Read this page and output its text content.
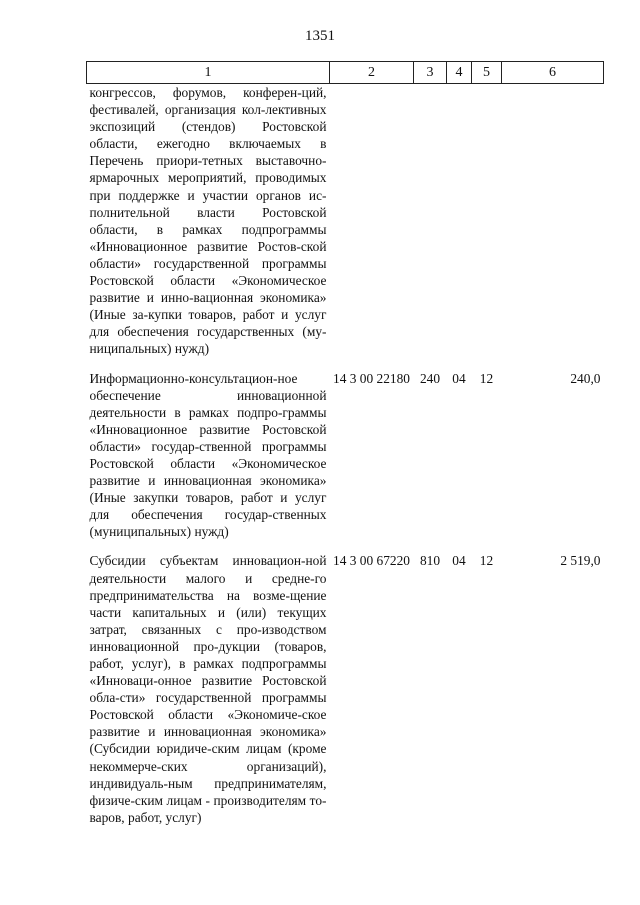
1351
1	2	3	4	5	6
конгрессов, форумов, конферен-ций, фестивалей, организация кол-лективных экспозиций (стендов) Ростовской области, ежегодно включаемых в Перечень приори-тетных выставочно-ярмарочных мероприятий, проводимых при поддержке и участии органов ис-полнительной власти Ростовской области, в рамках подпрограммы «Инновационное развитие Ростов-ской области» государственной программы Ростовской области «Экономическое развитие и инно-вационная экономика» (Иные за-купки товаров, работ и услуг для обеспечения государственных (му-ниципальных) нужд)					

Информационно-консультацион-ное обеспечение инновационной деятельности в рамках подпро-граммы «Инновационное развитие Ростовской области» государ-ственной программы Ростовской области «Экономическое развитие и инновационная экономика» (Иные закупки товаров, работ и услуг для обеспечения государ-ственных (муниципальных) нужд)	14 3 00 22180	240	04	12	240,0

Субсидии субъектам инновацион-ной деятельности малого и средне-го предпринимательства на возме-щение части капитальных и (или) текущих затрат, связанных с про-изводством инновационной про-дукции (товаров, работ, услуг), в рамках подпрограммы «Инноваци-онное развитие Ростовской обла-сти» государственной программы Ростовской области «Экономиче-ское развитие и инновационная экономика» (Субсидии юридиче-ским лицам (кроме некоммерче-ских организаций), индивидуаль-ным предпринимателям, физиче-ским лицам - производителям то-варов, работ, услуг)	14 3 00 67220	810	04	12	2 519,0
